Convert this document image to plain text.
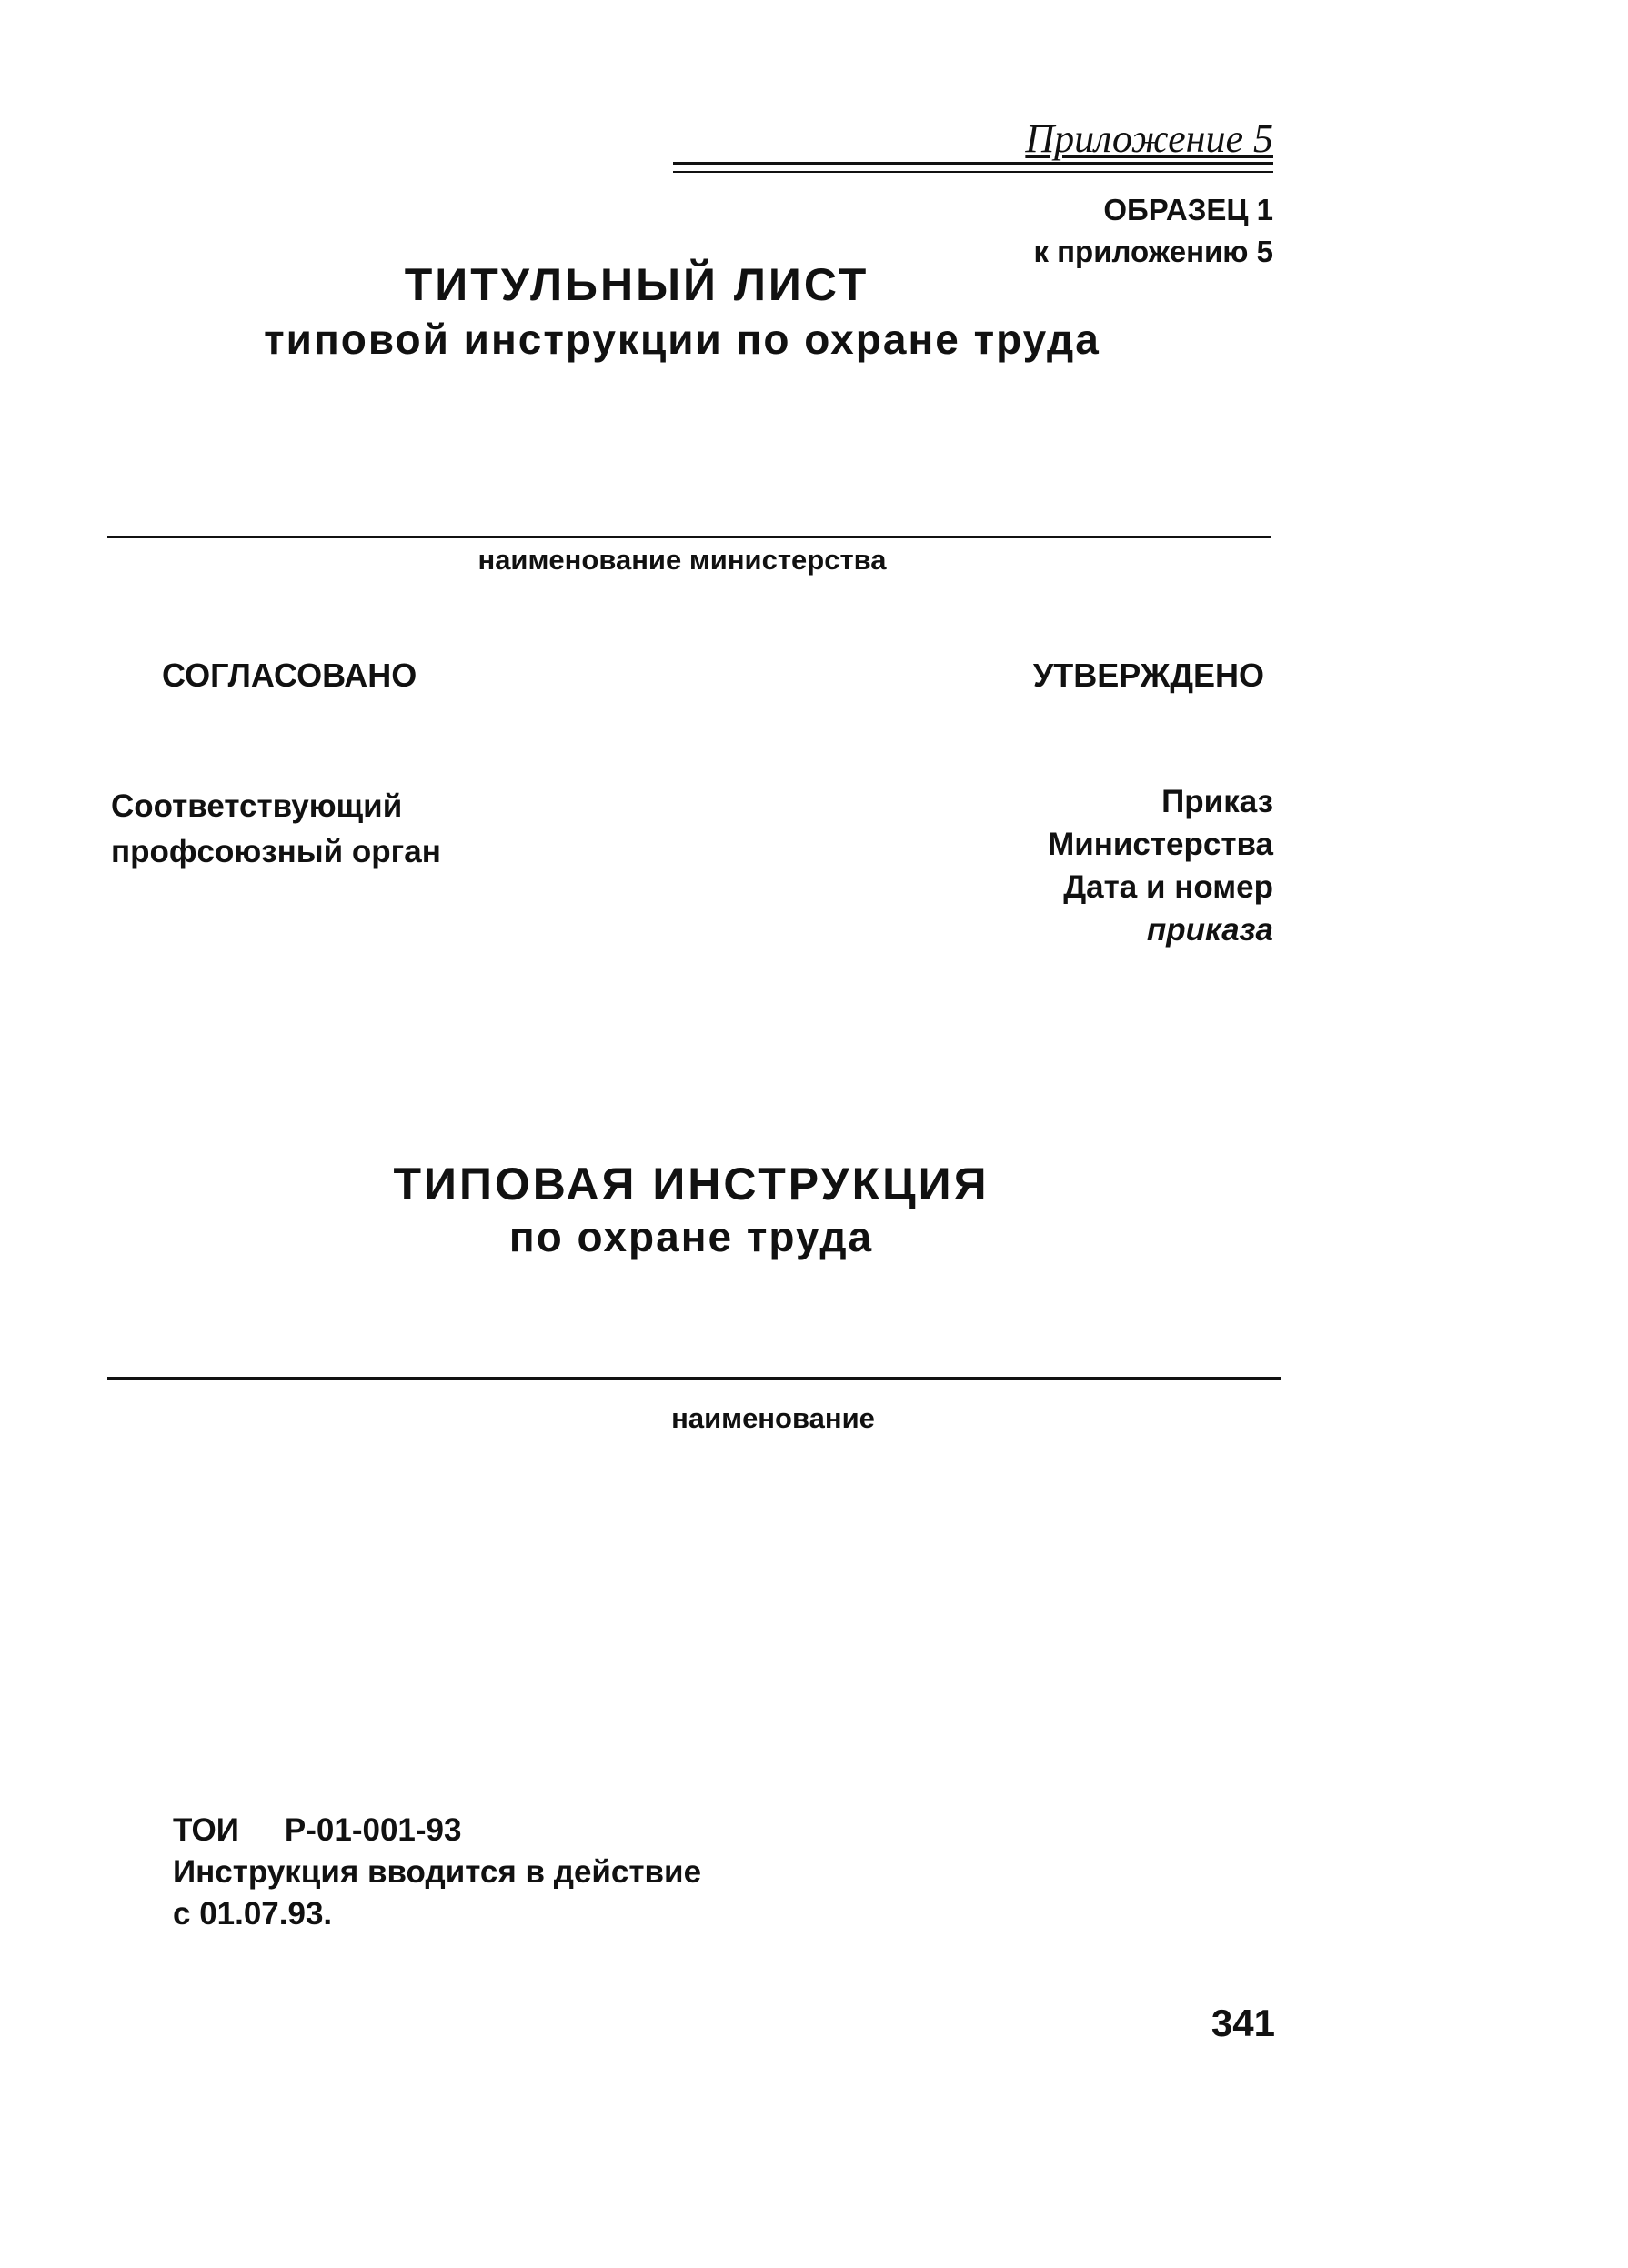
Приложение 5
ОБРАЗЕЦ 1
к приложению 5
ТИТУЛЬНЫЙ ЛИСТ
типовой инструкции по охране труда
наименование министерства
СОГЛАСОВАНО	УТВЕРЖДЕНО
Соответствующий
профсоюзный орган
Приказ
Министерства
Дата и номер
приказа
ТИПОВАЯ ИНСТРУКЦИЯ
по охране труда
наименование
ТОИ Р-01-001-93
Инструкция вводится в действие
с 01.07.93.
341
